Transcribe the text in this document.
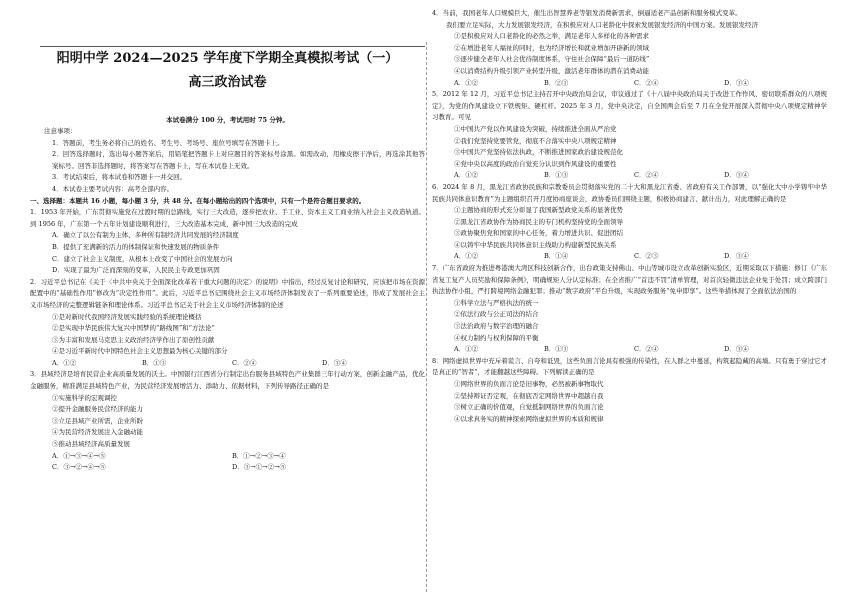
阳明中学 2024—2025 学年度下学期全真模拟考试（一）
高三政治试卷
本试卷满分 100 分，考试用时 75 分钟。

注意事项：

1．答题前，考生务必将自己的姓名、考生号、考场号、座位号填写在答题卡上。

2．回答选择题时，选出每小题答案后，用铅笔把答题卡上对应题目的答案标号涂黑。如需改动，用橡皮擦干净后，再选涂其他答案标号。回答非选择题时，将答案写在答题卡上，写在本试卷上无效。

3．考试结束后，将本试卷和答题卡一并交回。

4．本试卷主要考试内容：高考全部内容。

一、选择题：本题共 16 小题，每小题 3 分，共 48 分。在每小题给出的四个选项中，只有一个是符合题目要求的。

1．1953 年开始，广东贯彻实施党在过渡时期的总路线，实行三大改造，逐步把农业、手工业、资本主义工商业纳入社会主义改造轨道。到 1956 年，广东第一个五年计划建设顺利进行，三大改造基本完成，新中国三大改造的完成

A．确立了以公有制为主体、多种所有制经济共同发展的经济制度

B．提供了充满新的活力的体制保证和快速发展的物质条件

C．建立了社会主义制度，从根本上改变了中国社会的发展方向

D．实现了最为广泛而深刻的变革，人民民主专政更加巩固

2．习近平总书记在《关于〈中共中央关于全面深化改革若干重大问题的决定〉的说明》中指出，经过反复讨论和研究，应该把市场在资源配置中的“基础性作用”修改为“决定性作用”。此后，习近平总书记围绕社会主义市场经济体制发表了一系列重要论述，形成了发展社会主义市场经济的完整逻辑链条和理论体系。习近平总书记关于社会主义市场经济体制的论述

①是对新时代我国经济发展实践经验的系统理论概括

②是实现中华民族伟大复兴中国梦的“路线图”和“方法论”

③为丰富和发展马克思主义政治经济学作出了原创性贡献

④是习近平新时代中国特色社会主义思想最为核心关键的部分

A．①②	B．①③	C．②④	D．③④

3．县域经济是培育民营企业高质量发展的沃土。中国银行江西省分行制定出台服务县域特色产业集群三年行动方案，创新金融产品，优化金融服务，精准满足县域特色产业，为民营经济发展增活力、添助力、依据材料，下列传导路径正确的是

①实施科学的宏观调控

②提升金融服务民营经济的能力

③立足县域产业所需，企业所盼

④为民营经济发展注入金融动能

⑤推动县域经济高质量发展

A．①→③→④→⑤	B．①→②→③→④
C．③→②→④→⑤	D．③→①→②→⑤

4．当前，我国老年人口规模巨大，催生出智慧养老等银发消费新需求，倒逼适老产品创新和服务模式变革。

我们要立足实际，大力发展银发经济，在积极应对人口老龄化中探索发展银发经济的中国方案。发展银发经济

①是积极应对人口老龄化的必然之举，满足老年人多样化的各种需求

②在增进老年人福祉的同时，也为经济增长和就业增加开辟新的领域

③逐步健全老年人社会优待制度体系，守住社会保障“最后一道防线”

④以消费结构升级引领产业转型升级，激活老年群体的潜在消费动能

A．①②	B．②③	C．②④	D．③④

5．2012 年 12 月，习近平总书记主持召开中央政治局会议，审议通过了《十八届中央政治局关于改进工作作风、密切联系群众的八项规定》，为党的作风建设立下铁规矩、硬杠杆。2025 年 3 月，党中央决定，自全国两会后至 7 月在全党开展深入贯彻中央八项规定精神学习教育。可见

①中国共产党以作风建设为突破，持续推进全面从严治党

②我们党坚持党要管党，彻底不合落实中央八项规定精神

③中国共产党坚持依法执政，不断推进国家政治建设规范化

④党中央以高度的政治自觉充分认识到作风建设的重要性

A．①②	B．①③	C．②④	D．③④

6．2024 年 8 月，黑龙江省政协民族和宗教委员会贯彻落实党的二十大和黑龙江省委、省政府有关工作部署，以“强化大中小学铸牢中华民族共同体意识教育”为主题组织召开月度协商座谈会，政协委员们围绕主题，积极协商建言、献计出力，对此理解正确的是

①主题协商的形式充分彰显了我国新型政党关系的显著优势

②黑龙江省政协作为协商民主的专门机构坚持党的全面领导

③政协聚焦党和国家的中心任务，着力增进共识、促进团结

④以铸牢中华民族共同体意识主线助力构建新型民族关系

A．①②	B．①④	C．②③	D．③④

7．广东省政府为推进粤港澳大湾区科技创新合作，出台政策支持佛山、中山等城市设立改革创新实验区，近期采取以下措施：修订《广东省复工复产人员奖励和保障条例》，明确规矩人分认定标准；在全省推广“首违不罚”清单管理，对首次轻微违法企业免于处罚；成立跨部门执法协作小组，严打跨境网络金融犯罪；推动“数字政府”平台升级，实现政务服务“免申即享”。这些举措体现了全面依法治国的

①科学立法与严格执法的统一

②依法行政与公正司法的结合

③法治政府与数字治理的融合

④权力制约与权利保障的平衡

A．①②	B．①③	C．②④	D．③④

8．网络虚拟世界中充斥着谎言、自夸和诋毁，这些负面言论具有极强的传染性，在人群之中蔓延，构筑起隐藏的高墙。只有勇于穿过它才是真正的“智者”，才能翻越这些障碍。下列解读正确的是

①网络世界的负面言论是旧事物，必然被新事物取代

②坚持辩证否定观，在彻底否定网络世界中超越自我

③树立正确的价值观，自觉抵制网络世界的负面言论

④以求真务实的精神探索网络虚拟世界的本质和规律
